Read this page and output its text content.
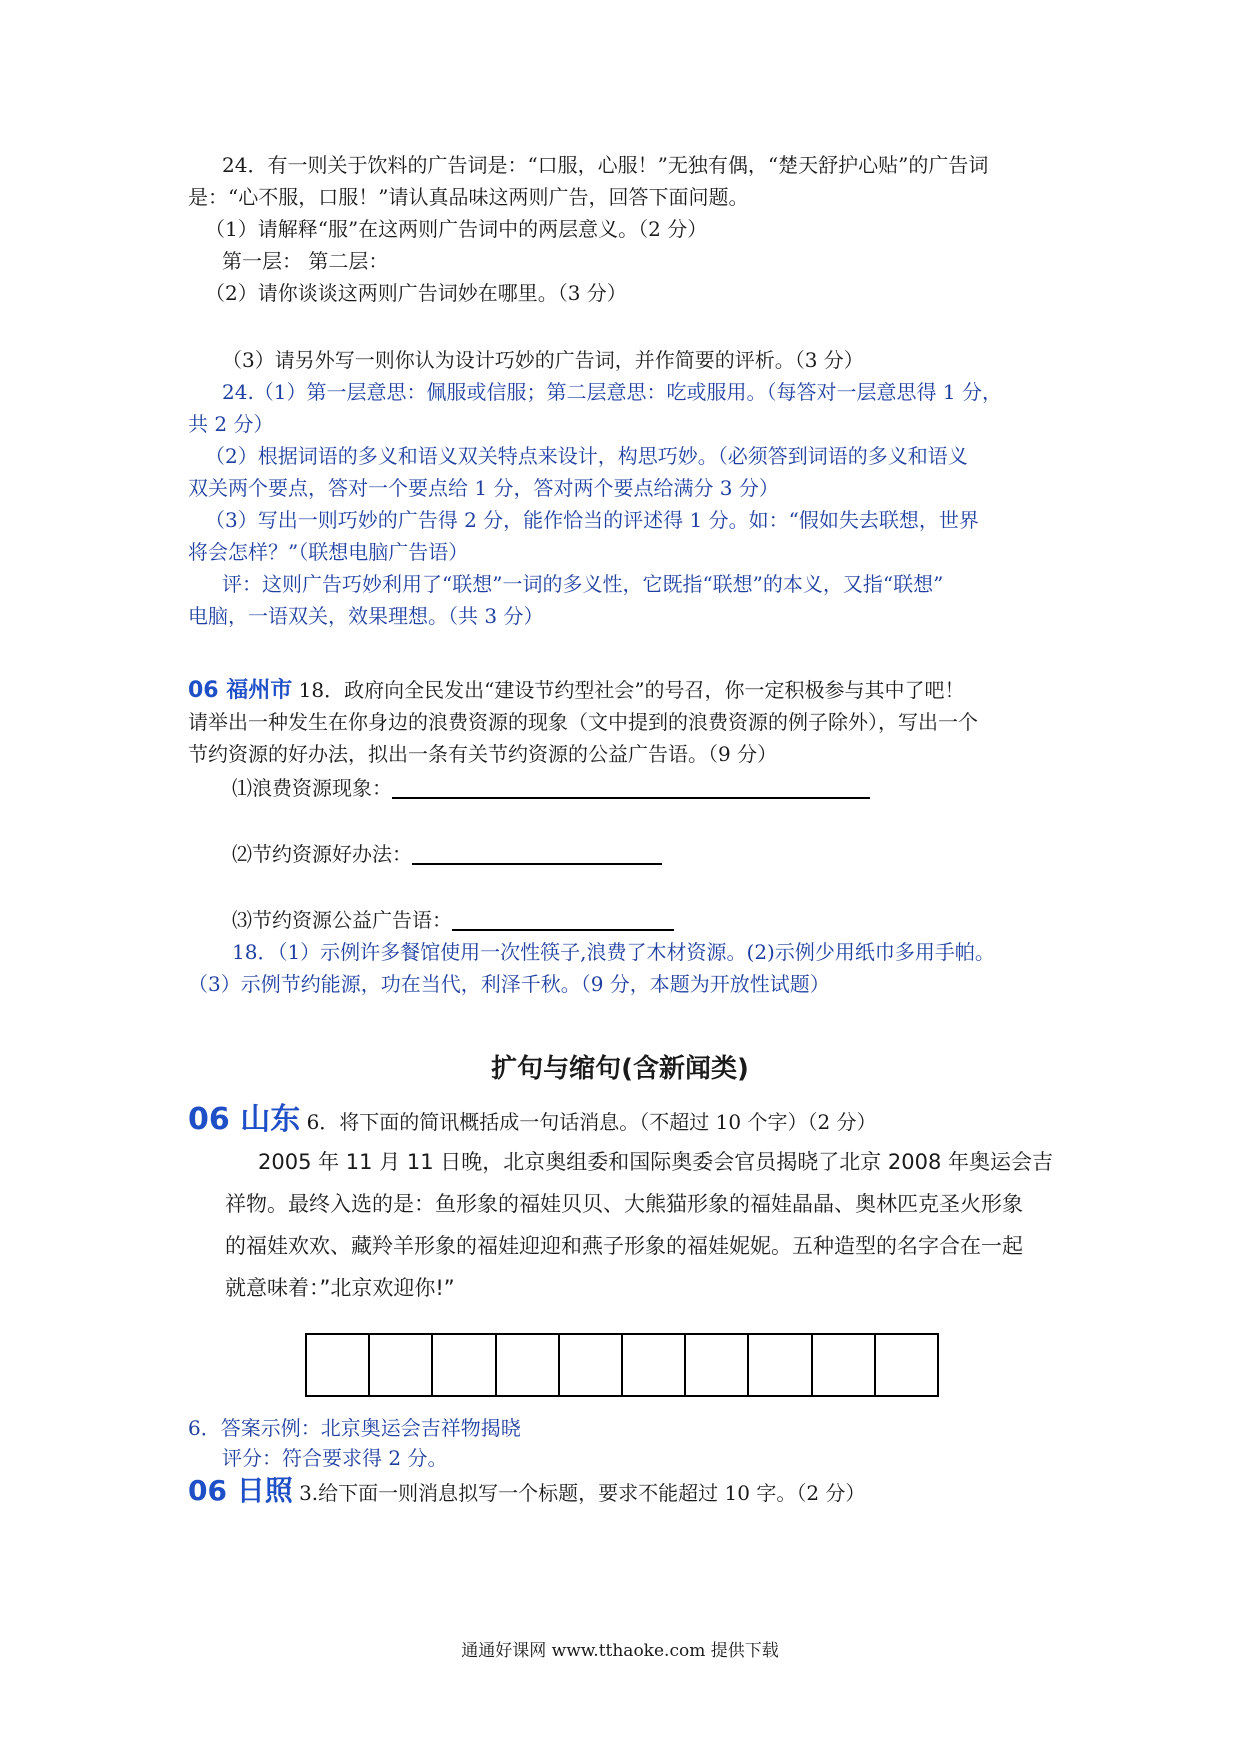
24．有一则关于饮料的广告词是：“口服，心服！”无独有偶，“楚天舒护心贴”的广告词
是：“心不服，口服！”请认真品味这两则广告，回答下面问题。
（1）请解释“服”在这两则广告词中的两层意义。（2 分）
第一层： 第二层：
（2）请你谈谈这两则广告词妙在哪里。（3 分）
（3）请另外写一则你认为设计巧妙的广告词，并作简要的评析。（3 分）
24.（1）第一层意思：佩服或信服；第二层意思：吃或服用。（每答对一层意思得 1 分，
共 2 分）
（2）根据词语的多义和语义双关特点来设计，构思巧妙。（必须答到词语的多义和语义
双关两个要点，答对一个要点给 1 分，答对两个要点给满分 3 分）
（3）写出一则巧妙的广告得 2 分，能作恰当的评述得 1 分。如：“假如失去联想，世界
将会怎样？”（联想电脑广告语）
评：这则广告巧妙利用了“联想”一词的多义性，它既指“联想”的本义，又指“联想”
电脑，一语双关，效果理想。（共 3 分）
06 福州市 18．政府向全民发出“建设节约型社会”的号召，你一定积极参与其中了吧！
请举出一种发生在你身边的浪费资源的现象（文中提到的浪费资源的例子除外），写出一个
节约资源的好办法，拟出一条有关节约资源的公益广告语。（9 分）
⑴浪费资源现象：
⑵节约资源好办法：
⑶节约资源公益广告语：
18．（1）示例许多餐馆使用一次性筷子,浪费了木材资源。(2)示例少用纸巾多用手帕。
（3）示例节约能源，功在当代，利泽千秋。（9 分，本题为开放性试题）
扩句与缩句(含新闻类)
06 山东 6．将下面的简讯概括成一句话消息。（不超过 10 个字）（2 分）
2005 年 11 月 11 日晚，北京奥组委和国际奥委会官员揭晓了北京 2008 年奥运会吉
祥物。最终入选的是：鱼形象的福娃贝贝、大熊猫形象的福娃晶晶、奥林匹克圣火形象
的福娃欢欢、藏羚羊形象的福娃迎迎和燕子形象的福娃妮妮。五种造型的名字合在一起
就意味着：”北京欢迎你!”
6．答案示例：北京奥运会吉祥物揭晓
评分：符合要求得 2 分。
06 日照 3.给下面一则消息拟写一个标题，要求不能超过 10 字。（2 分）
通通好课网 www.tthaoke.com 提供下载
